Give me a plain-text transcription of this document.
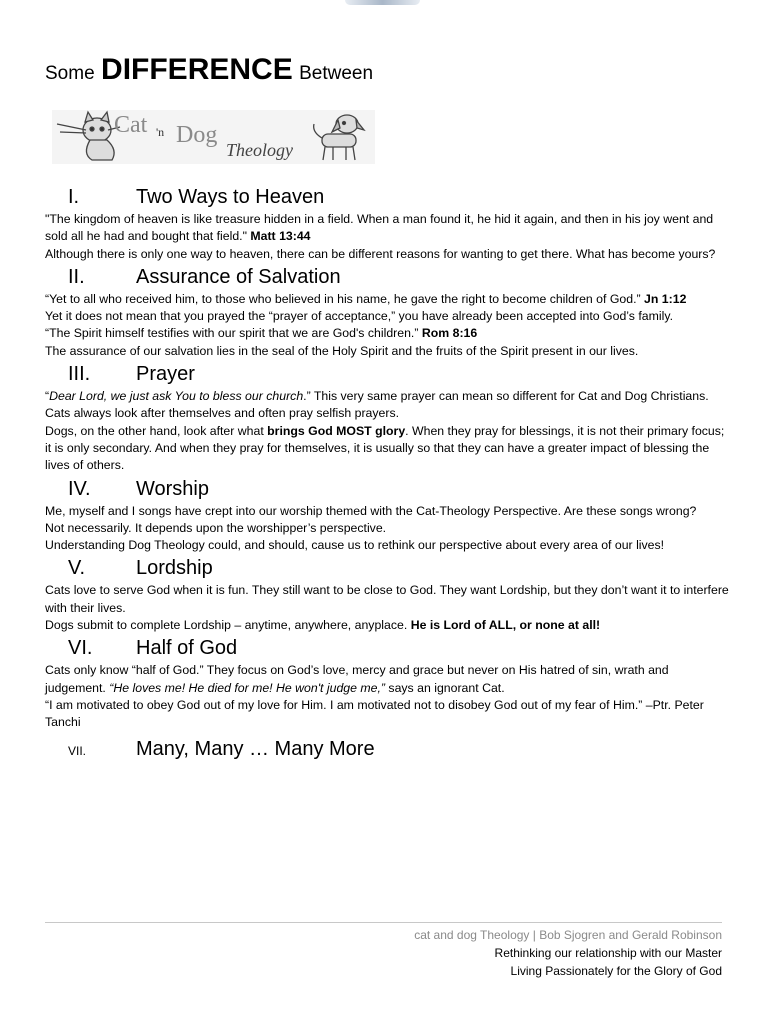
Some DIFFERENCE Between
Cat 'n Dog
Theology
I.	Two Ways to Heaven

"The kingdom of heaven is like treasure hidden in a field. When a man found it, he hid it again, and then in his joy went and sold all he had and bought that field." Matt 13:44

Although there is only one way to heaven, there can be different reasons for wanting to get there. What has become yours?

II.	Assurance of Salvation

“Yet to all who received him, to those who believed in his name, he gave the right to become children of God.” Jn 1:12

Yet it does not mean that you prayed the “prayer of acceptance,” you have already been accepted into God’s family.

“The Spirit himself testifies with our spirit that we are God's children.” Rom 8:16

The assurance of our salvation lies in the seal of the Holy Spirit and the fruits of the Spirit present in our lives.

III.	Prayer

“Dear Lord, we just ask You to bless our church.” This very same prayer can mean so different for Cat and Dog Christians.

Cats always look after themselves and often pray selfish prayers.

Dogs, on the other hand, look after what brings God MOST glory. When they pray for blessings, it is not their primary focus; it is only secondary. And when they pray for themselves, it is usually so that they can have a greater impact of blessing the lives of others.

IV.	Worship

Me, myself and I songs have crept into our worship themed with the Cat-Theology Perspective. Are these songs wrong?

Not necessarily. It depends upon the worshipper’s perspective.

Understanding Dog Theology could, and should, cause us to rethink our perspective about every area of our lives!

V.	Lordship

Cats love to serve God when it is fun. They still want to be close to God. They want Lordship, but they don’t want it to interfere with their lives.

Dogs submit to complete Lordship – anytime, anywhere, anyplace. He is Lord of ALL, or none at all!

VI.	Half of God

Cats only know “half of God.” They focus on God’s love, mercy and grace but never on His hatred of sin, wrath and judgement. “He loves me! He died for me! He won't judge me,” says an ignorant Cat.

“I am motivated to obey God out of my love for Him. I am motivated not to disobey God out of my fear of Him.” –Ptr. Peter Tanchi

VII.	Many, Many … Many More
cat and dog Theology | Bob Sjogren and Gerald Robinson
Rethinking our relationship with our Master
Living Passionately for the Glory of God
